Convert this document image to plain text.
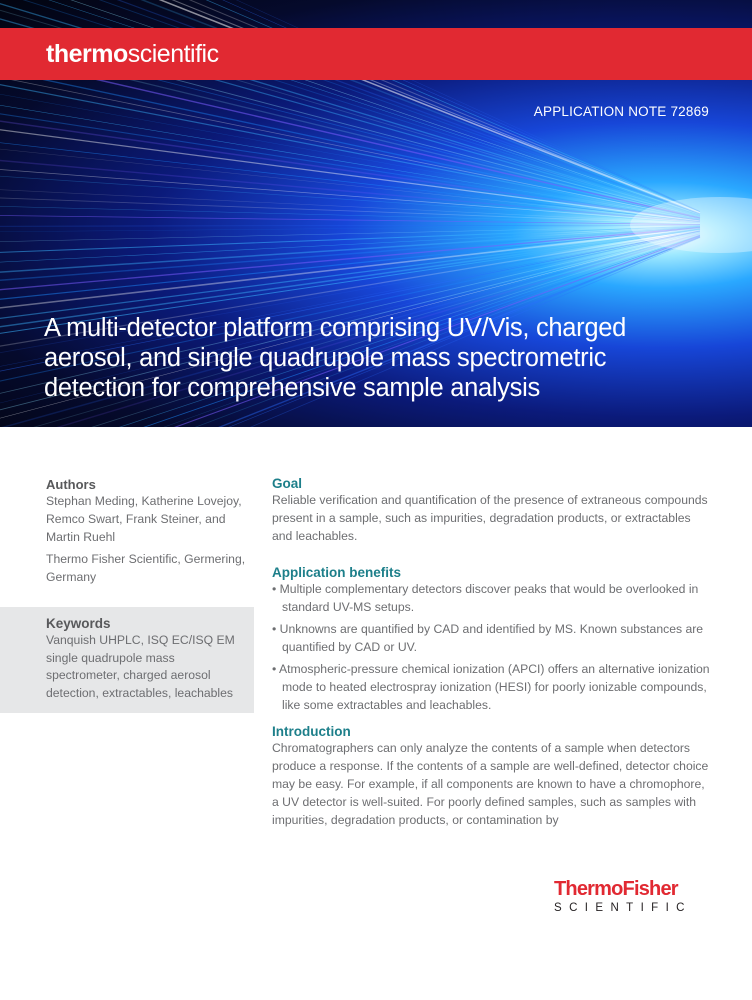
thermoscientific
APPLICATION NOTE 72869
A multi-detector platform comprising UV/Vis, charged aerosol, and single quadrupole mass spectrometric detection for comprehensive sample analysis
Authors

Stephan Meding, Katherine Lovejoy, Remco Swart, Frank Steiner, and Martin Ruehl

Thermo Fisher Scientific, Germering, Germany

Keywords

Vanquish UHPLC, ISQ EC/ISQ EM single quadrupole mass spectrometer, charged aerosol detection, extractables, leachables

Goal

Reliable verification and quantification of the presence of extraneous compounds present in a sample, such as impurities, degradation products, or extractables and leachables.

Application benefits
• Multiple complementary detectors discover peaks that would be overlooked in standard UV-MS setups.
• Unknowns are quantified by CAD and identified by MS. Known substances are quantified by CAD or UV.
• Atmospheric-pressure chemical ionization (APCI) offers an alternative ionization mode to heated electrospray ionization (HESI) for poorly ionizable compounds, like some extractables and leachables.
Introduction

Chromatographers can only analyze the contents of a sample when detectors produce a response. If the contents of a sample are well-defined, detector choice may be easy. For example, if all components are known to have a chromophore, a UV detector is well-suited. For poorly defined samples, such as samples with impurities, degradation products, or contamination by

ThermoFisher
SCIENTIFIC
